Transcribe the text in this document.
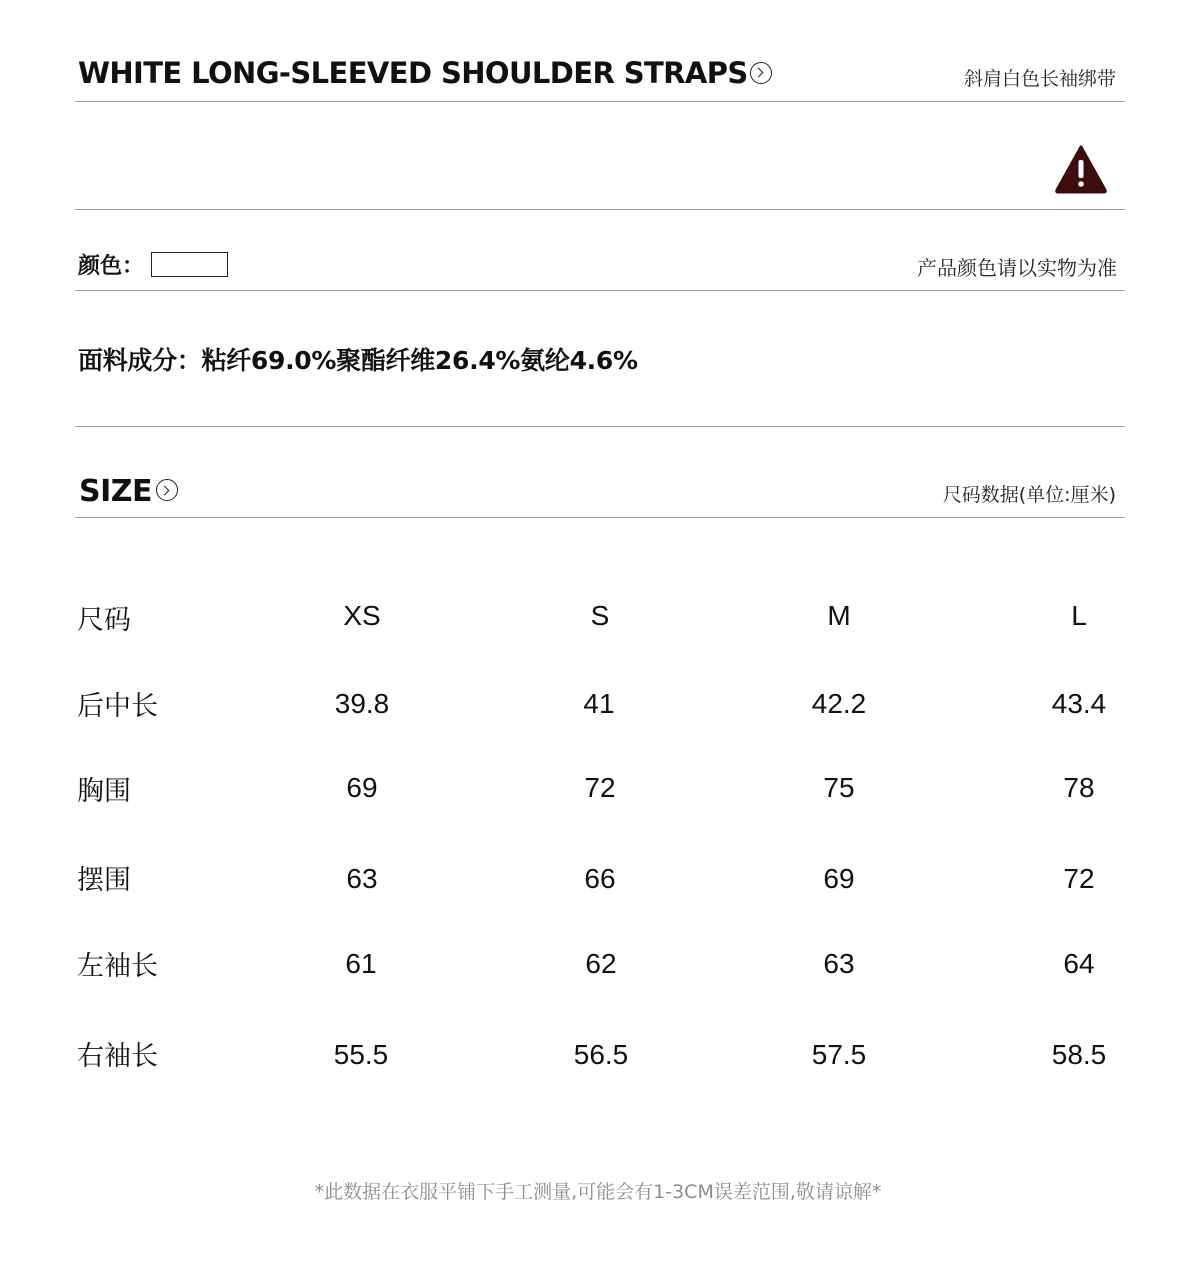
WHITE LONG-SLEEVED SHOULDER STRAPS	斜肩白色长袖绑带
颜色：	产品颜色请以实物为准
面料成分：粘纤69.0%聚酯纤维26.4%氨纶4.6%
SIZE	尺码数据(单位:厘米)
尺码	XS	S	M	L
后中长	39.8	41	42.2	43.4
胸围	69	72	75	78
摆围	63	66	69	72
左袖长	61	62	63	64
右袖长	55.5	56.5	57.5	58.5
*此数据在衣服平铺下手工测量,可能会有1-3CM误差范围,敬请谅解*
